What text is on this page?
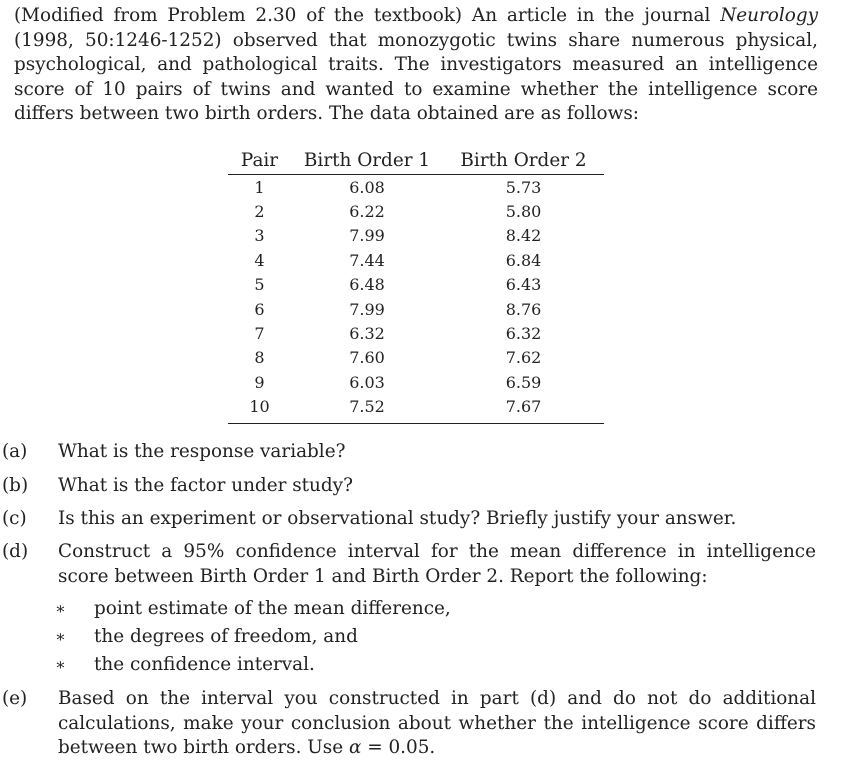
(Modified from Problem 2.30 of the textbook) An article in the journal Neurology (1998, 50:1246-1252) observed that monozygotic twins share numerous physical, psychological, and pathological traits. The investigators measured an intelligence score of 10 pairs of twins and wanted to examine whether the intelligence score differs between two birth orders. The data obtained are as follows:

Pair	Birth Order 1	Birth Order 2
1	6.08	5.73
2	6.22	5.80
3	7.99	8.42
4	7.44	6.84
5	6.48	6.43
6	7.99	8.76
7	6.32	6.32
8	7.60	7.62
9	6.03	6.59
10	7.52	7.67
(a) What is the response variable?
(b) What is the factor under study?
(c) Is this an experiment or observational study? Briefly justify your answer.
(d) Construct a 95% confidence interval for the mean difference in intelligence score between Birth Order 1 and Birth Order 2. Report the following:
∗ point estimate of the mean difference,
∗ the degrees of freedom, and
∗ the confidence interval.
(e) Based on the interval you constructed in part (d) and do not do additional calculations, make your conclusion about whether the intelligence score differs between two birth orders. Use α = 0.05.
